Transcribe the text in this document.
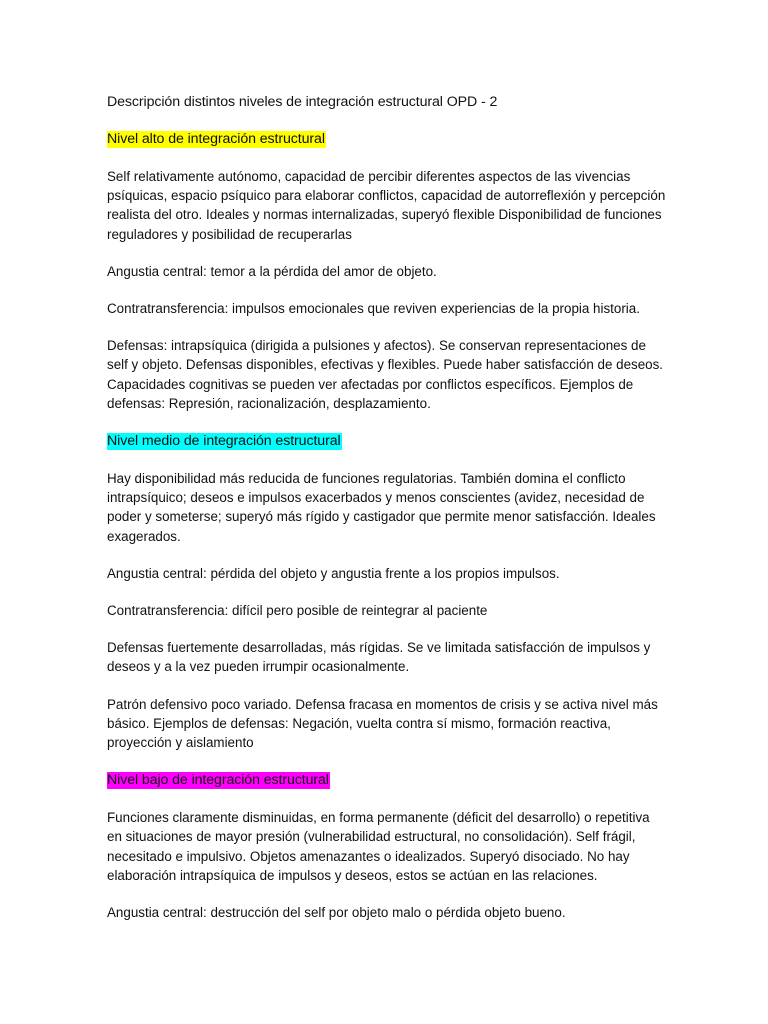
Descripción distintos niveles de integración estructural OPD - 2
Nivel alto de integración estructural

Self relativamente autónomo, capacidad de percibir diferentes aspectos de las vivencias psíquicas, espacio psíquico para elaborar conflictos, capacidad de autorreflexión y percepción realista del otro. Ideales y normas internalizadas, superyó flexible Disponibilidad de funciones reguladores y posibilidad de recuperarlas

Angustia central: temor a la pérdida del amor de objeto.

Contratransferencia: impulsos emocionales que reviven experiencias de la propia historia.

Defensas: intrapsíquica (dirigida a pulsiones y afectos). Se conservan representaciones de self y objeto. Defensas disponibles, efectivas y flexibles. Puede haber satisfacción de deseos. Capacidades cognitivas se pueden ver afectadas por conflictos específicos. Ejemplos de defensas: Represión, racionalización, desplazamiento.

Nivel medio de integración estructural

Hay disponibilidad más reducida de funciones regulatorias. También domina el conflicto intrapsíquico; deseos e impulsos exacerbados y menos conscientes (avidez, necesidad de poder y someterse; superyó más rígido y castigador que permite menor satisfacción. Ideales exagerados.

Angustia central: pérdida del objeto y angustia frente a los propios impulsos.

Contratransferencia: difícil pero posible de reintegrar al paciente

Defensas fuertemente desarrolladas, más rígidas. Se ve limitada satisfacción de impulsos y deseos y a la vez pueden irrumpir ocasionalmente.

Patrón defensivo poco variado. Defensa fracasa en momentos de crisis y se activa nivel más básico. Ejemplos de defensas: Negación, vuelta contra sí mismo, formación reactiva, proyección y aislamiento

Nivel bajo de integración estructural

Funciones claramente disminuidas, en forma permanente (déficit del desarrollo) o repetitiva en situaciones de mayor presión (vulnerabilidad estructural, no consolidación). Self frágil, necesitado e impulsivo. Objetos amenazantes o idealizados. Superyó disociado. No hay elaboración intrapsíquica de impulsos y deseos, estos se actúan en las relaciones.

Angustia central: destrucción del self por objeto malo o pérdida objeto bueno.
